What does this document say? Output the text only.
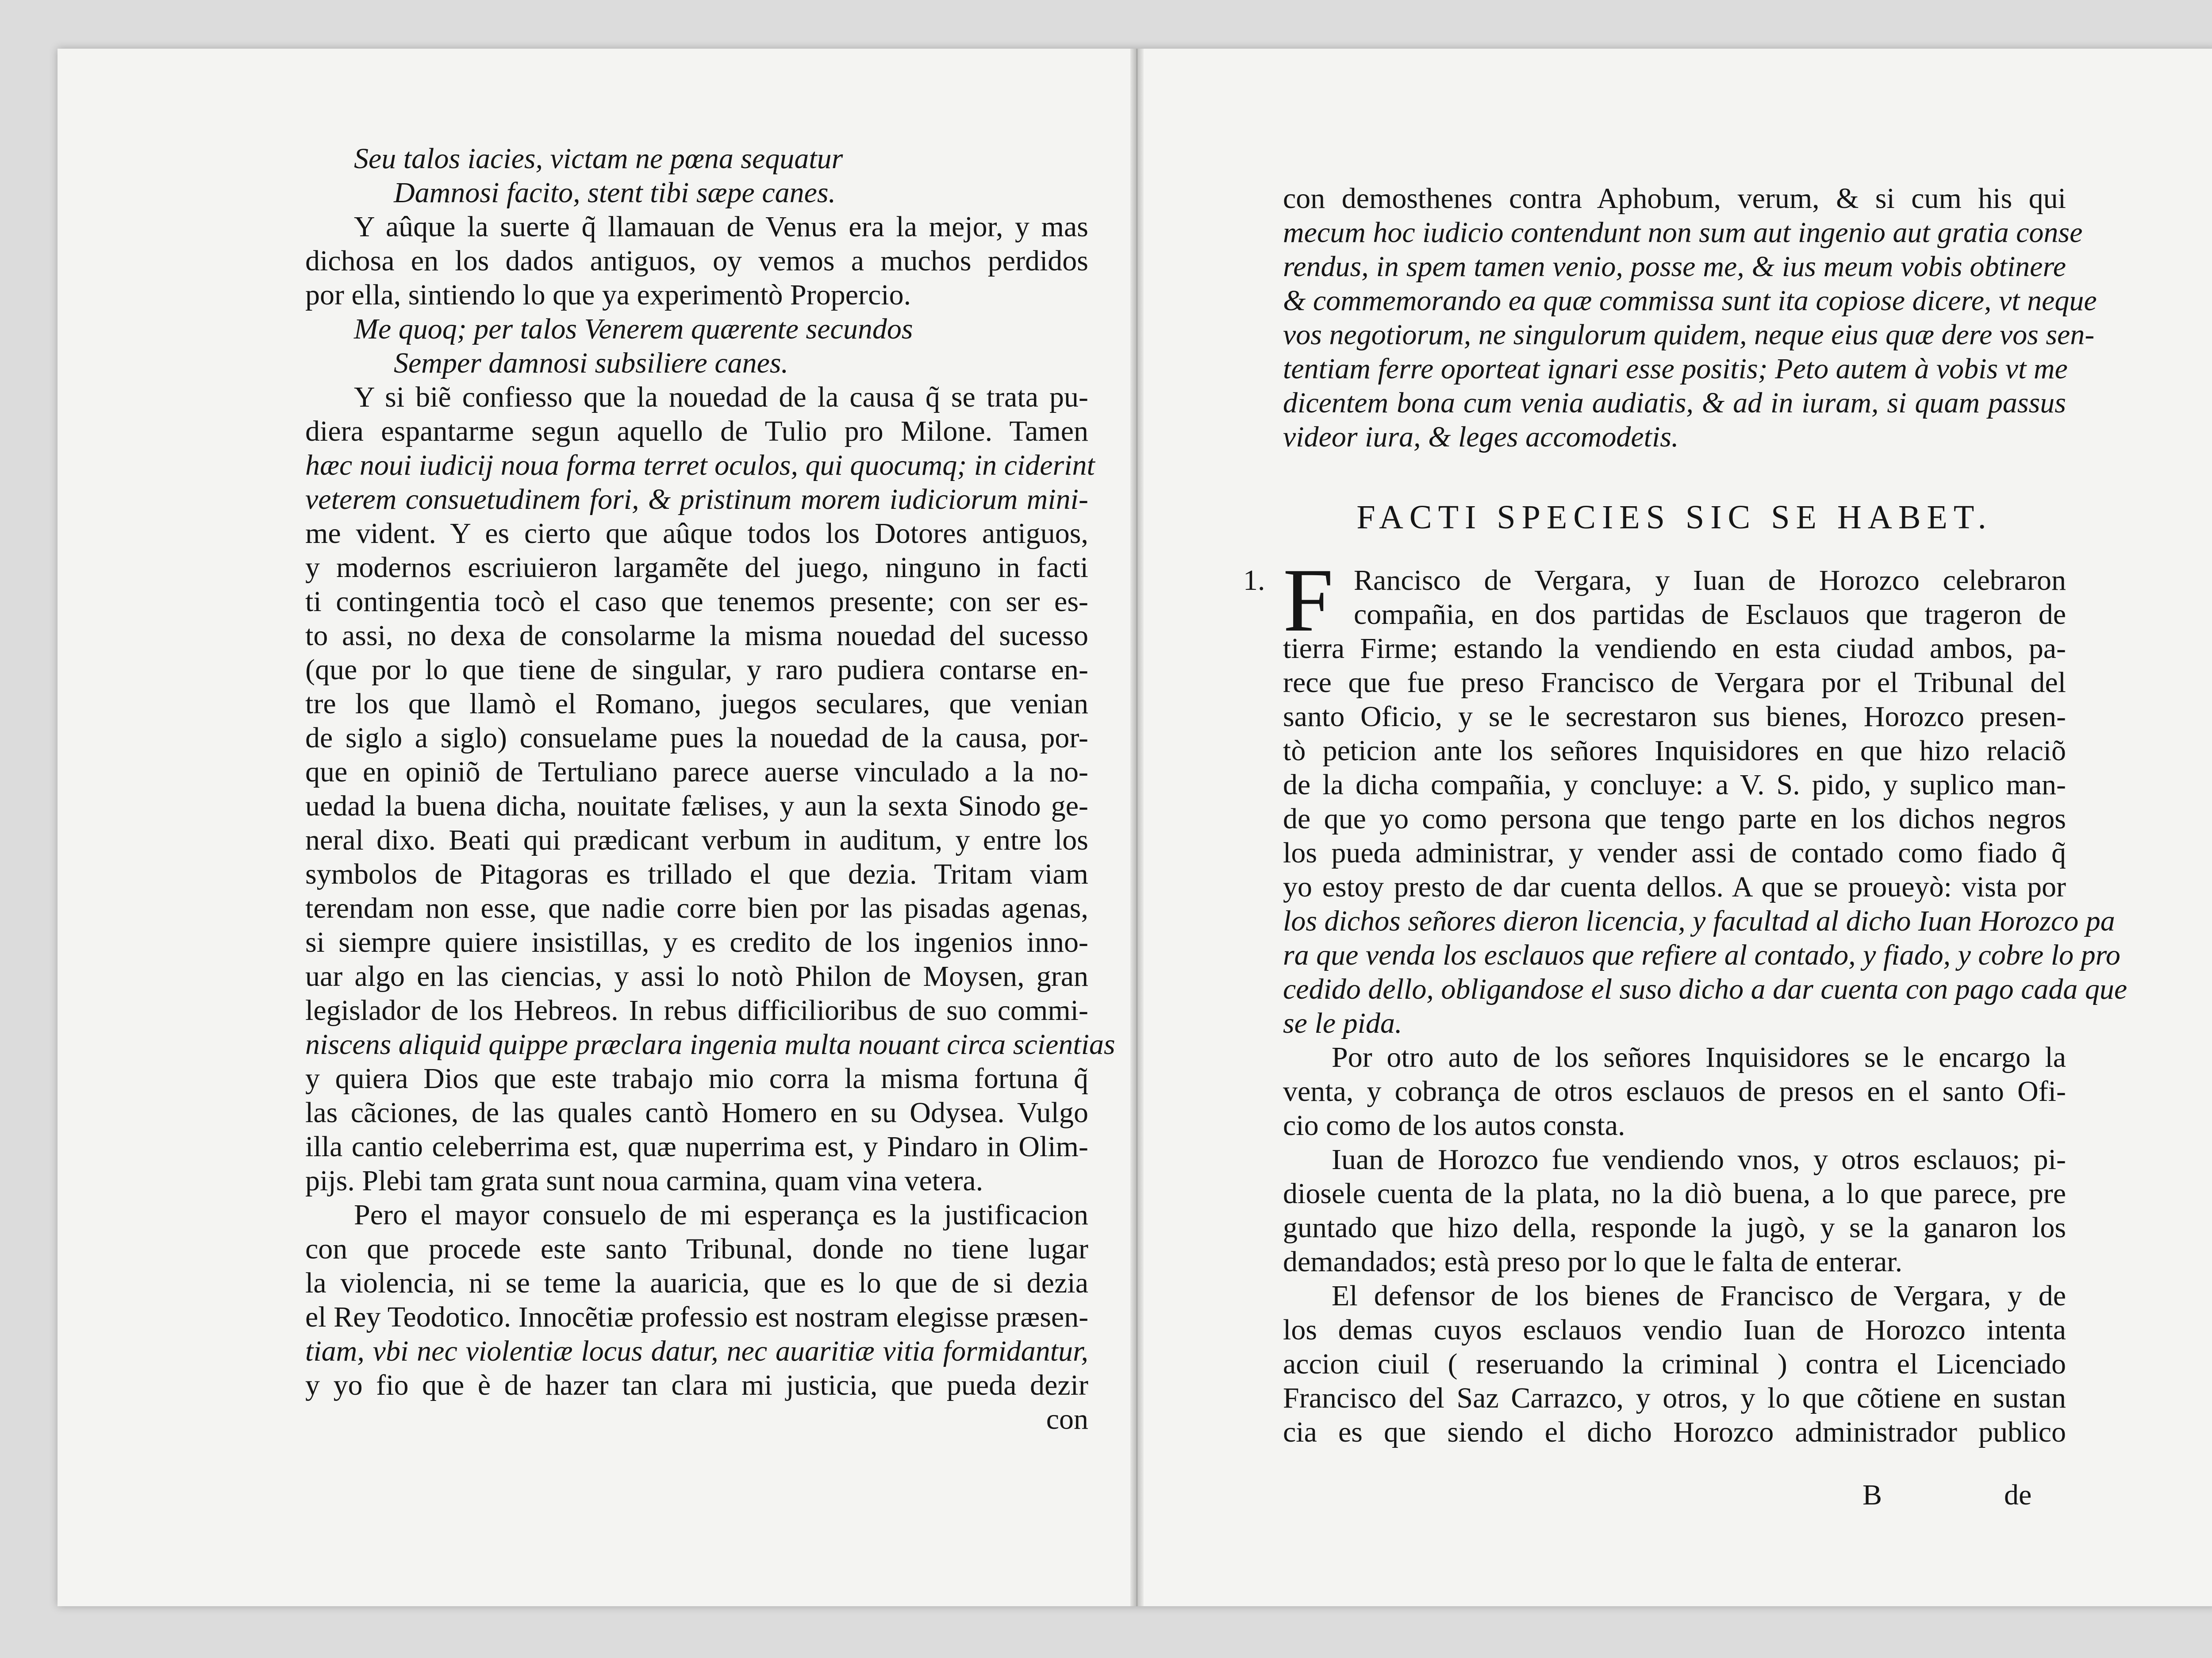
Seu talos iacies, victam ne pœna sequatur
Damnosi facito, stent tibi sæpe canes.
Y aûque la suerte q̃ llamauan de Venus era la mejor, y mas
dichosa en los dados antiguos, oy vemos a muchos perdidos
por ella, sintiendo lo que ya experimentò Propercio.
Me quoq; per talos Venerem quærente secundos
Semper damnosi subsiliere canes.
Y si biẽ confiesso que la nouedad de la causa q̃ se trata pu-
diera espantarme segun aquello de Tulio pro Milone. Tamen
hæc noui iudicij noua forma terret oculos, qui quocumq; in ciderint
veterem consuetudinem fori, & pristinum morem iudiciorum mini-
me vident. Y es cierto que aûque todos los Dotores antiguos,
y modernos escriuieron largamẽte del juego, ninguno in facti
ti contingentia tocò el caso que tenemos presente; con ser es-
to assi, no dexa de consolarme la misma nouedad del sucesso
(que por lo que tiene de singular, y raro pudiera contarse en-
tre los que llamò el Romano, juegos seculares, que venian
de siglo a siglo) consuelame pues la nouedad de la causa, por-
que en opiniõ de Tertuliano parece auerse vinculado a la no-
uedad la buena dicha, nouitate fælises, y aun la sexta Sinodo ge-
neral dixo. Beati qui prædicant verbum in auditum, y entre los
symbolos de Pitagoras es trillado el que dezia. Tritam viam
terendam non esse, que nadie corre bien por las pisadas agenas,
si siempre quiere insistillas, y es credito de los ingenios inno-
uar algo en las ciencias, y assi lo notò Philon de Moysen, gran
legislador de los Hebreos. In rebus difficilioribus de suo commi-
niscens aliquid quippe præclara ingenia multa nouant circa scientias
y quiera Dios que este trabajo mio corra la misma fortuna q̃
las cãciones, de las quales cantò Homero en su Odysea. Vulgo
illa cantio celeberrima est, quæ nuperrima est, y Pindaro in Olim-
pijs. Plebi tam grata sunt noua carmina, quam vina vetera.
Pero el mayor consuelo de mi esperança es la justificacion
con que procede este santo Tribunal, donde no tiene lugar
la violencia, ni se teme la auaricia, que es lo que de si dezia
el Rey Teodotico. Innocẽtiæ professio est nostram elegisse præsen-
tiam, vbi nec violentiæ locus datur, nec auaritiæ vitia formidantur,
y yo fio que è de hazer tan clara mi justicia, que pueda dezir
con
con demosthenes contra Aphobum, verum, & si cum his qui
mecum hoc iudicio contendunt non sum aut ingenio aut gratia conse
rendus, in spem tamen venio, posse me, & ius meum vobis obtinere
& commemorando ea quæ commissa sunt ita copiose dicere, vt neque
vos negotiorum, ne singulorum quidem, neque eius quæ dere vos sen-
tentiam ferre oporteat ignari esse positis; Peto autem à vobis vt me
dicentem bona cum venia audiatis, & ad in iuram, si quam passus
videor iura, & leges accomodetis.
FACTI SPECIES SIC SE HABET.
1. F Rancisco de Vergara, y Iuan de Horozco celebraron
compañia, en dos partidas de Esclauos que trageron de
tierra Firme; estando la vendiendo en esta ciudad ambos, pa-
rece que fue preso Francisco de Vergara por el Tribunal del
santo Oficio, y se le secrestaron sus bienes, Horozco presen-
tò peticion ante los señores Inquisidores en que hizo relaciõ
de la dicha compañia, y concluye: a V. S. pido, y suplico man-
de que yo como persona que tengo parte en los dichos negros
los pueda administrar, y vender assi de contado como fiado q̃
yo estoy presto de dar cuenta dellos. A que se proueyò: vista por
los dichos señores dieron licencia, y facultad al dicho Iuan Horozco pa
ra que venda los esclauos que refiere al contado, y fiado, y cobre lo pro
cedido dello, obligandose el suso dicho a dar cuenta con pago cada que
se le pida.
Por otro auto de los señores Inquisidores se le encargo la
venta, y cobrança de otros esclauos de presos en el santo Ofi-
cio como de los autos consta.
Iuan de Horozco fue vendiendo vnos, y otros esclauos; pi-
diosele cuenta de la plata, no la diò buena, a lo que parece, pre
guntado que hizo della, responde la jugò, y se la ganaron los
demandados; està preso por lo que le falta de enterar.
El defensor de los bienes de Francisco de Vergara, y de
los demas cuyos esclauos vendio Iuan de Horozco intenta
accion ciuil ( reseruando la criminal ) contra el Licenciado
Francisco del Saz Carrazco, y otros, y lo que cõtiene en sustan
cia es que siendo el dicho Horozco administrador publico
B	de
